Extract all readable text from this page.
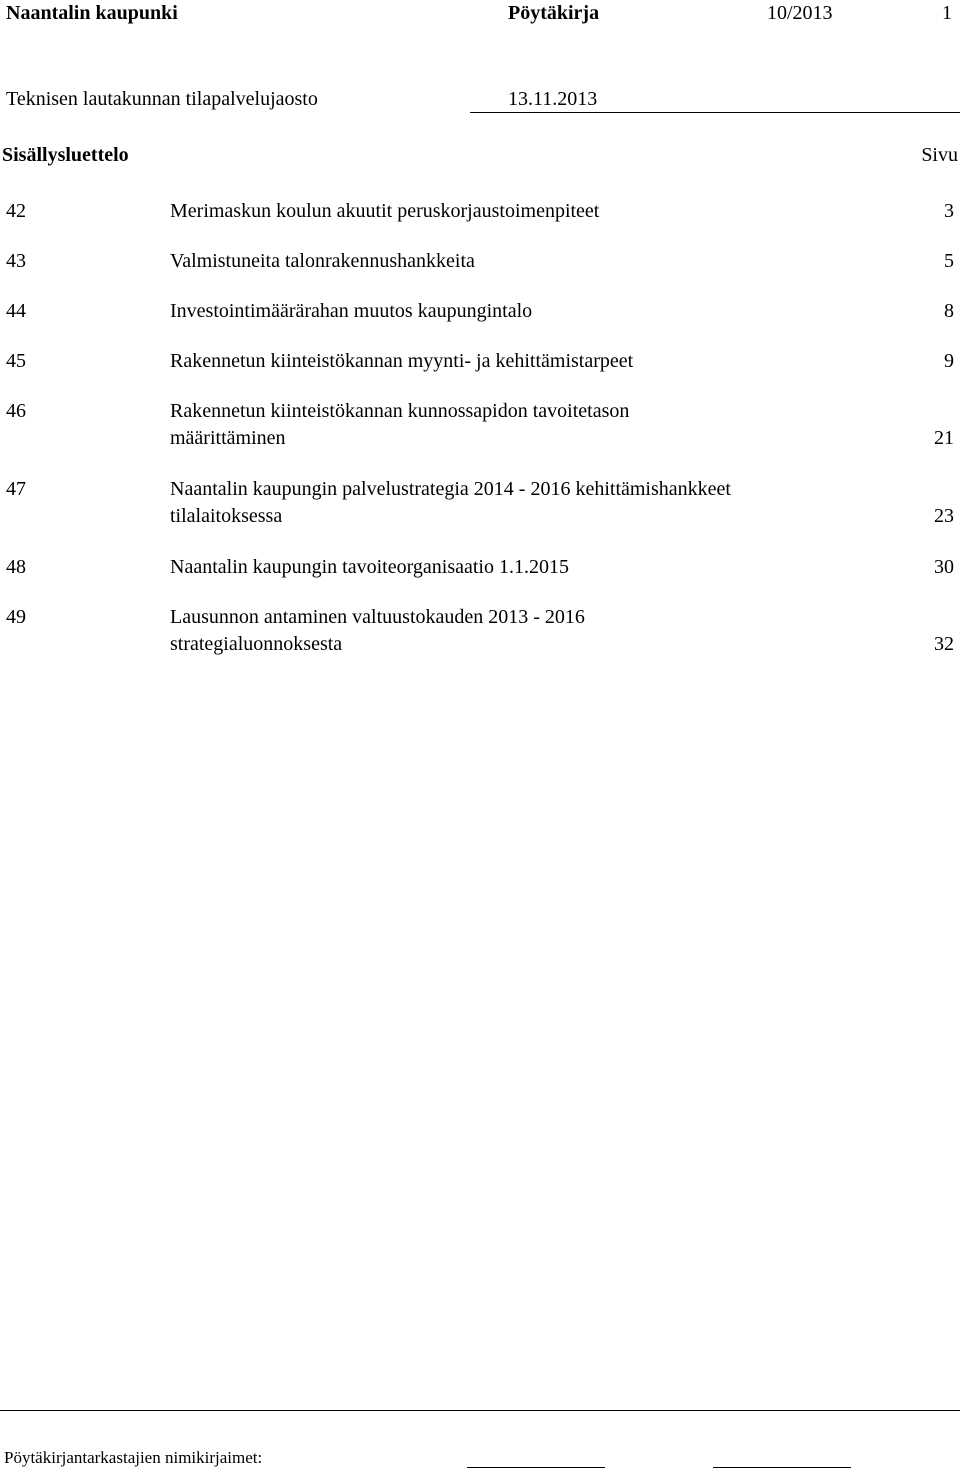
Naantalin kaupunki	Pöytäkirja	10/2013	1
Teknisen lautakunnan tilapalvelujaosto	13.11.2013
Sisällysluettelo	Sivu
42	Merimaskun koulun akuutit peruskorjaustoimenpiteet	3
43	Valmistuneita talonrakennushankkeita	5
44	Investointimäärärahan muutos kaupungintalo	8
45	Rakennetun kiinteistökannan myynti- ja kehittämistarpeet	9
46	Rakennetun kiinteistökannan kunnossapidon tavoitetason
määrittäminen	21
47	Naantalin kaupungin palvelustrategia 2014 - 2016 kehittämishankkeet
tilalaitoksessa	23
48	Naantalin kaupungin tavoiteorganisaatio 1.1.2015	30
49	Lausunnon antaminen valtuustokauden 2013 - 2016
strategialuonnoksesta	32
Pöytäkirjantarkastajien nimikirjaimet:
